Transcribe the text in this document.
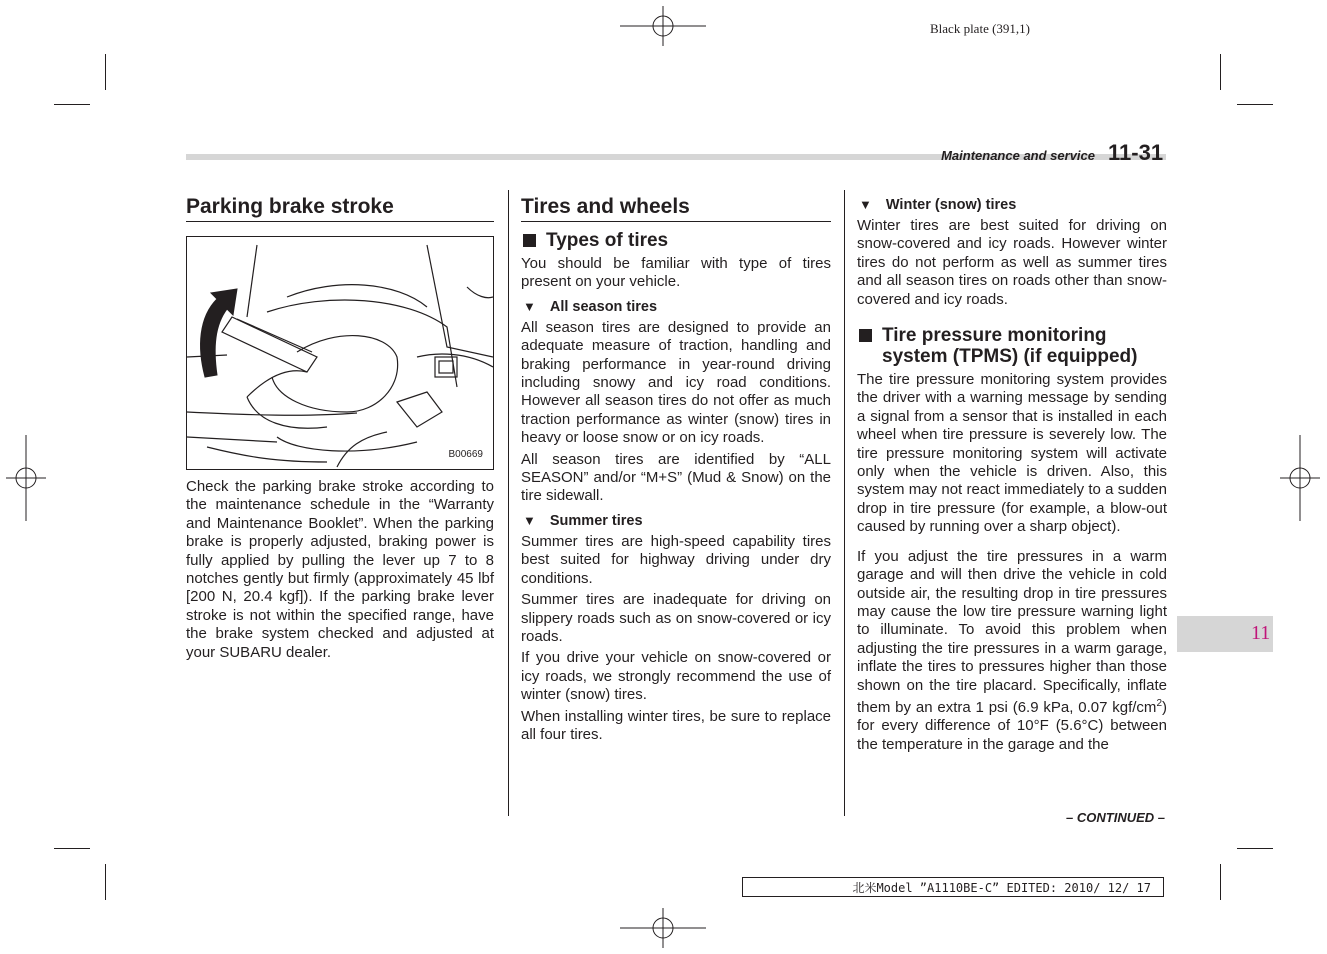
Black plate (391,1)
Maintenance and service 11-31
Parking brake stroke
B00669

Check the parking brake stroke according to the maintenance schedule in the “Warranty and Maintenance Booklet”. When the parking brake is properly adjusted, braking power is fully applied by pulling the lever up 7 to 8 notches gently but firmly (approximately 45 lbf [200 N, 20.4 kgf]). If the parking brake lever stroke is not within the specified range, have the brake system checked and adjusted at your SUBARU dealer.

Tires and wheels
Types of tires

You should be familiar with type of tires present on your vehicle.

▼ All season tires

All season tires are designed to provide an adequate measure of traction, handling and braking performance in year-round driving including snowy and icy road conditions. However all season tires do not offer as much traction performance as winter (snow) tires in heavy or loose snow or on icy roads.

All season tires are identified by “ALL SEASON” and/or “M+S” (Mud & Snow) on the tire sidewall.

▼ Summer tires

Summer tires are high-speed capability tires best suited for highway driving under dry conditions.

Summer tires are inadequate for driving on slippery roads such as on snow-covered or icy roads.

If you drive your vehicle on snow-covered or icy roads, we strongly recommend the use of winter (snow) tires.

When installing winter tires, be sure to replace all four tires.

▼ Winter (snow) tires

Winter tires are best suited for driving on snow-covered and icy roads. However winter tires do not perform as well as summer tires and all season tires on roads other than snow-covered and icy roads.

Tire pressure monitoring system (TPMS) (if equipped)

The tire pressure monitoring system provides the driver with a warning message by sending a signal from a sensor that is installed in each wheel when tire pressure is severely low. The tire pressure monitoring system will activate only when the vehicle is driven. Also, this system may not react immediately to a sudden drop in tire pressure (for example, a blow-out caused by running over a sharp object).

If you adjust the tire pressures in a warm garage and will then drive the vehicle in cold outside air, the resulting drop in tire pressures may cause the low tire pressure warning light to illuminate. To avoid this problem when adjusting the tire pressures in a warm garage, inflate the tires to pressures higher than those shown on the tire placard. Specifically, inflate them by an extra 1 psi (6.9 kPa, 0.07 kgf/$cm^2$) for every difference of 10°F (5.6°C) between the temperature in the garage and the

– CONTINUED –
11
北米Model ”A1110BE-C” EDITED: 2010/ 12/ 17
